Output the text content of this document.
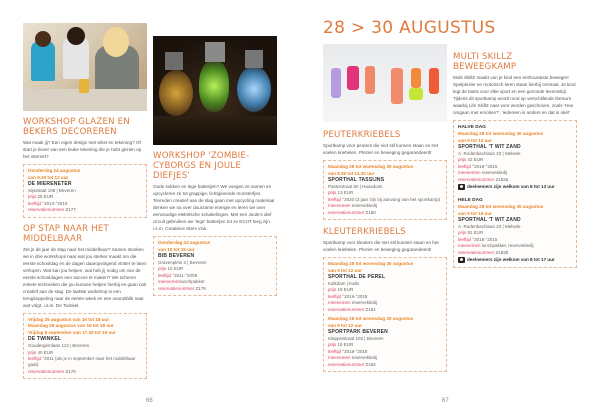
WORKSHOP GLAZEN EN BEKERS DECOREREN
Wat maak jij? Een eigen design met tekst en tekening? Of start je liever van een leuke tekening die je hebt gezien op het internet?
Donderdag 24 augustus
van 9.30 tot 12 uur
DE MIERENETER
Sijsstraat 108 | Beveren
prijs 25 EUR
leeftijd °2013-°2010
reservatienummer Z177
OP STAP NAAR HET MIDDELBAAR
Zet je dit jaar de stap naar het middelbaar? Samen stoeken we in drie workshops naar wat jou sterker maakt om die eerste schooldag en de dagen daaropvolgend vlotter te laten verlopen. Wat kan jou helpen, wat heb jij nodig om van de eerste schooldagen een succes te maken? We scheren enkele technieken die jou kunnen helpen hierbij en gaan ook creatief aan de slag. De laatste workshop is een terugkoppeling naar de eerste week en een vooruitblik naar wat volgt. i.s.m. De Twinkel.
Vrijdag 25 augustus van 16 tot 18 uur
Maandag 28 augustus van 16 tot 18 uur
Vrijdag 8 september van 17.30 tot 19 uur
DE TWINKEL
Goudergemlaan 113 | Beveren
prijs 40 EUR
leeftijd °2011 (als je in september naar het middelbaar gaat)
reservatienummer Z178
WORKSHOP 'ZOMBIE-CYBORGS EN JOULE DIEFJES'
Oude sokken en lege batterijen? We voegen ze samen en upcycleren ze tot grappige, lichtgevende monsterfjes. Tevreden creatief aan de slag gaan met upcycling materiaal denken we na over duurzame energie en leren we over eenvoudige elektrische schakelingen. Met een Joule's dief circuit gebruiken we 'lege' batterijen tot ze ECHT leeg zijn. i.s.m. Creatieve Stem vzw.
Donderdag 24 augustus
van 10 tot 15 uur
BIB BEVEREN
Gravenplein 3 | Beveren
prijs 10 EUR
leeftijd °2011-°2009
meenemenlunchpakket
reservatienummer Z179
66
28 > 30 AUGUSTUS
PEUTERKRIEBELS
Sportkamp voor peuters die niet stil kunnen staan en het voelen kriebelen. Plezier en beweging gegarandeerd!
Maandag 28 tot woensdag 30 augustus
van 9.30 tot 11.30 uur
SPORTHAL TASSIJNS
Pastorstraat 50 | Haasdonk
prijs 13 EUR
leeftijd °2020 (3 jaar zijn bij aanvang van het sportkamp)
meenemen reservekledij
reservatienummer Z180
KLEUTERKRIEBELS
Sportkamp voor kleuters die niet stil kunnen staan en het voelen kriebelen. Plezier en beweging gegarandeerd!
Maandag 28 tot woensdag 30 augustus
van 9 tot 12 uur
SPORTHAL DE PEREL
Kalkdam | Kallo
prijs 19 EUR
leeftijd °2019-°2018
meenemen reservekledij
reservatienummer Z181
Maandag 28 tot woensdag 30 augustus
van 9 tot 12 uur
SPORTPARK BEVEREN
Klappeistraat 103 | Beveren
prijs 19 EUR
leeftijd °2019-°2018
meenemen reservekledij
reservatienummer Z182
MULTI SKILLZ BEWEEGKAMP
Multi SkillZ maakt van je kind een enthousiaste beweger! Spelplezier en motorisch leren staan hierbij centraal. Je kind legt de basis voor elke sport en een gezonde levensstijl. Tijdens dit sportkamp wordt rond op verschillende thema's waarbij Life SkillZ naar voor worden geschoven, zoals 'Hoe omgaan met emoties?', 'iedereen is anders en dat is oké!'
HALVE DAG
Maandag 28 tot woensdag 30 augustus
van 9 tot 12 uur
SPORTHAL 'T WIT ZAND
A. Rodenbachlaan 23 | Melsele
prijs 42 EUR
leeftijd °2018-°2015
meenemen reservekledij
reservatienummer Z183a
deelnemers zijn welkom van 8 tot 13 uur
HELE DAG
Maandag 28 tot woensdag 30 augustus
van 9 tot 16 uur
SPORTHAL 'T WIT ZAND
A. Rodenbachlaan 23 | Melsele
prijs 81 EUR
leeftijd °2018-°2015
meenemen lunchpakket, reservekledij
reservatienummer Z183b
deelnemers zijn welkom van 8 tot 17 uur
67
